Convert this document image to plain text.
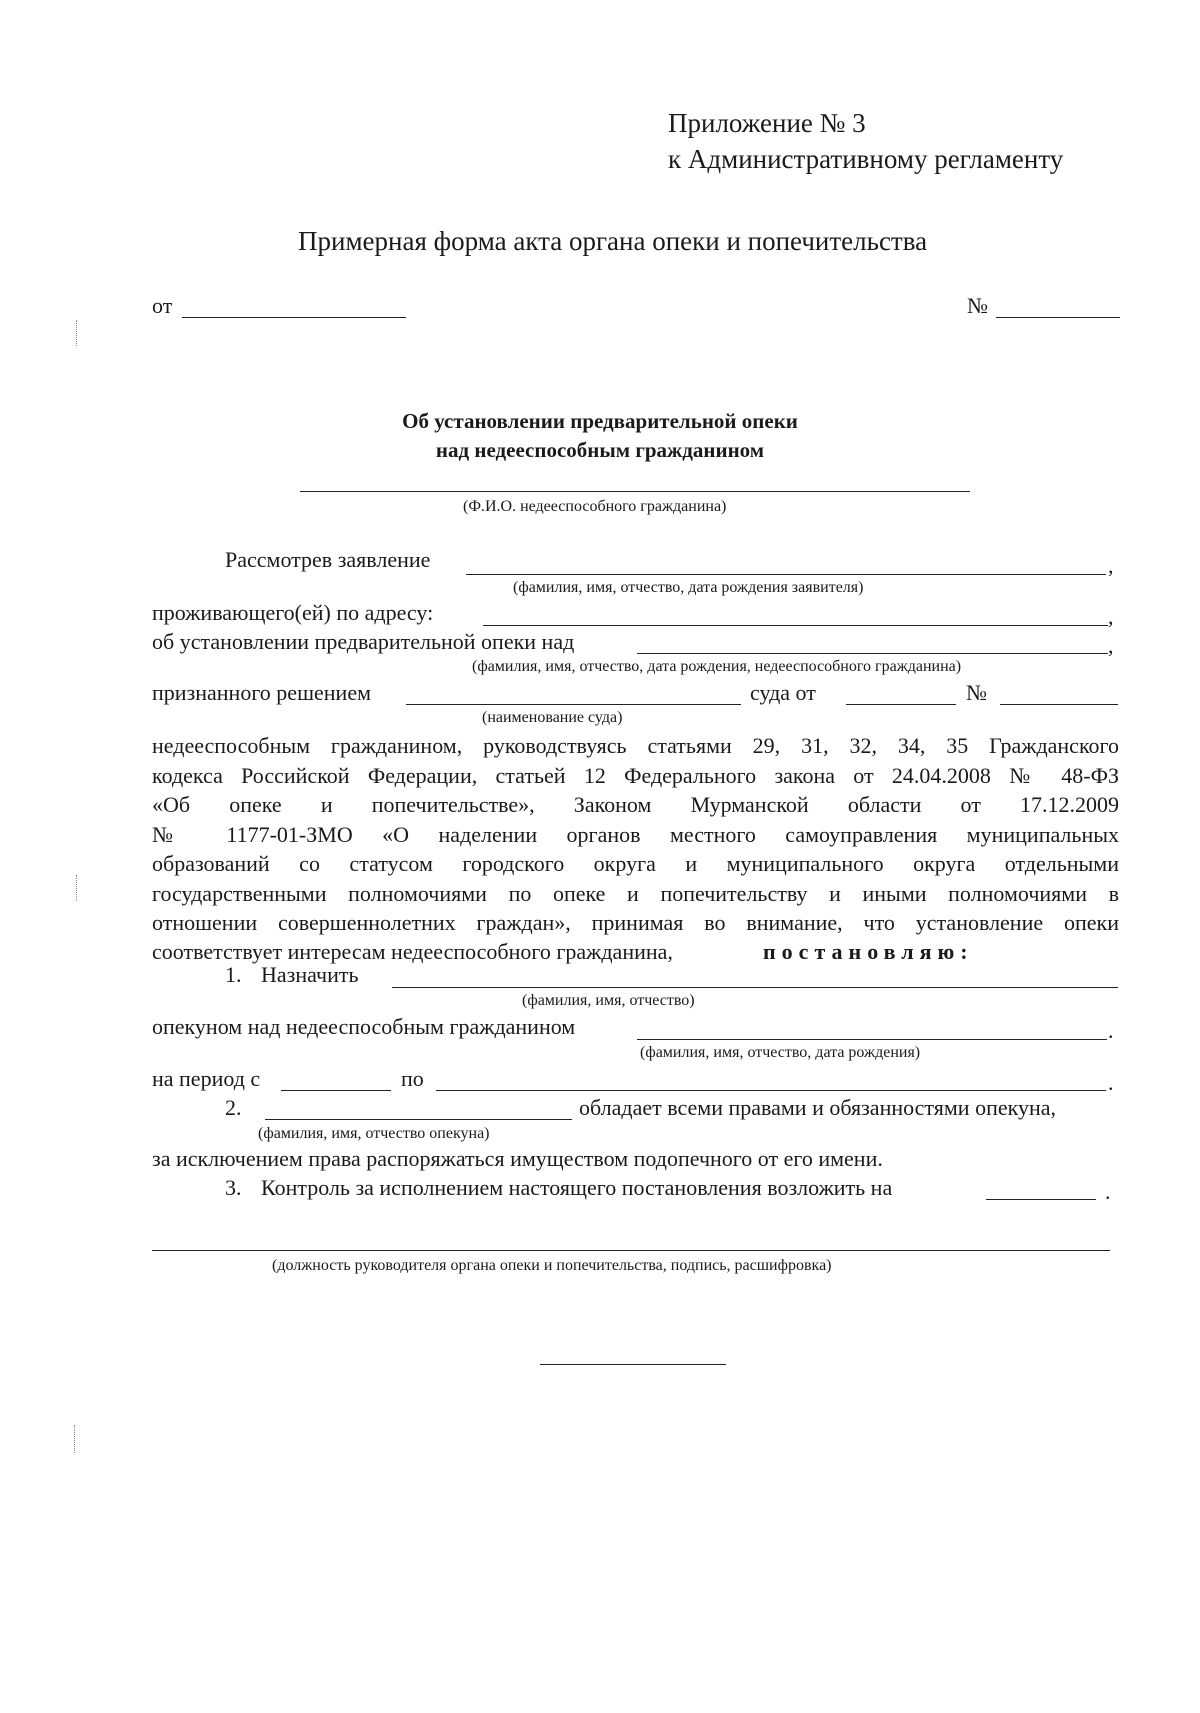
Приложение № 3
к Административному регламенту
Примерная форма акта органа опеки и попечительства
от	№
Об установлении предварительной опеки
над недееспособным гражданином
(Ф.И.О. недееспособного гражданина)
Рассмотрев заявление	,
(фамилия, имя, отчество, дата рождения заявителя)
проживающего(ей) по адресу:	,
об установлении предварительной опеки над	,
(фамилия, имя, отчество, дата рождения, недееспособного гражданина)
признанного решением	суда от	№
(наименование суда)
недееспособным гражданином, руководствуясь статьями 29, 31, 32, 34, 35 Гражданского
кодекса Российской Федерации, статьей 12 Федерального закона от 24.04.2008 № 48-ФЗ
«Об опеке и попечительстве», Законом Мурманской области от 17.12.2009
№ 1177-01-ЗМО «О наделении органов местного самоуправления муниципальных
образований со статусом городского округа и муниципального округа отдельными
государственными полномочиями по опеке и попечительству и иными полномочиями в
отношении совершеннолетних граждан», принимая во внимание, что установление опеки
соответствует интересам недееспособного гражданина,	постановляю:
1. Назначить
(фамилия, имя, отчество)
опекуном над недееспособным гражданином	.
(фамилия, имя, отчество, дата рождения)
на период с	по	.
2.	обладает всеми правами и обязанностями опекуна,
(фамилия, имя, отчество опекуна)
за исключением права распоряжаться имуществом подопечного от его имени.
3. Контроль за исполнением настоящего постановления возложить на	.
(должность руководителя органа опеки и попечительства, подпись, расшифровка)
